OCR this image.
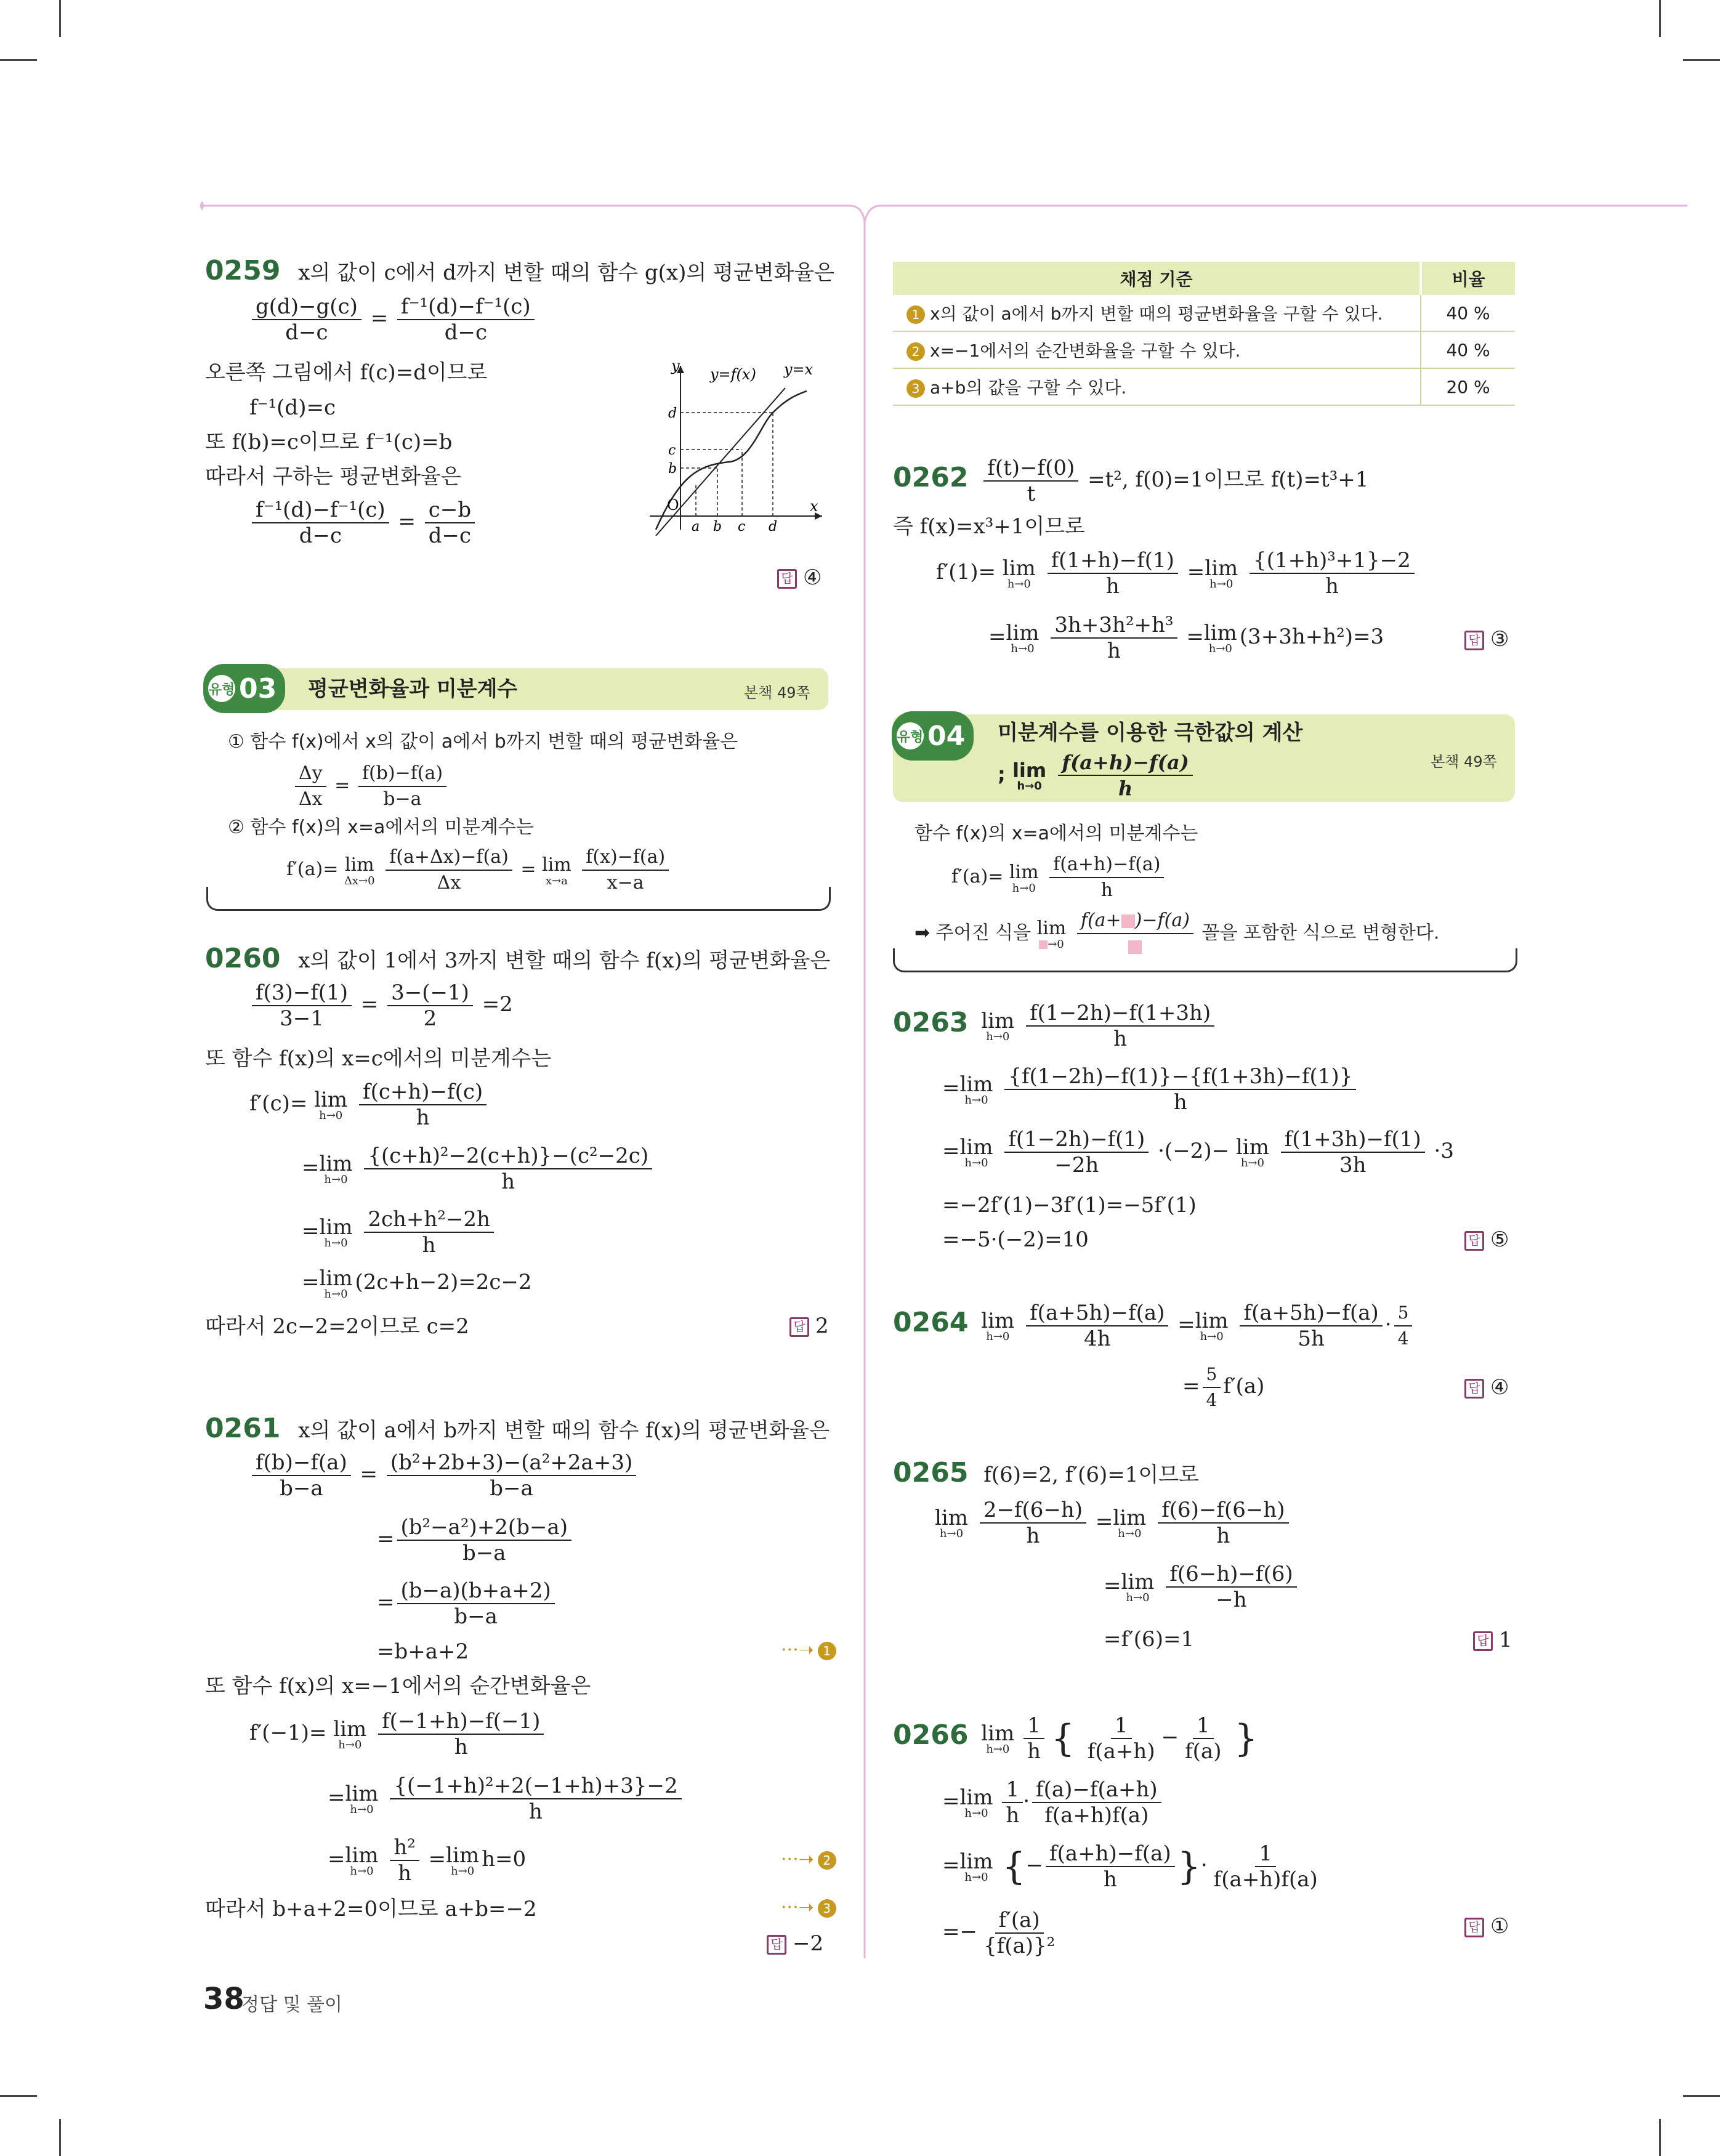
0259 x의 값이 c에서 d까지 변할 때의 함수 g(x)의 평균변화율은
$\frac{g(d)-g(c)}{d-c} = \frac{\text{f⁻¹(d)−f⁻¹(c)}}{d-c}$
오른쪽 그림에서 f(c)=d이므로
f⁻¹(d)=c
또 f(b)=c이므로 f⁻¹(c)=b
따라서 구하는 평균변화율은
$\frac{\text{f⁻¹(d)−f⁻¹(c)}}{d-c} = \frac{c-b}{d-c}$
답 ④
y
x
O
y=f(x) y=x
a b c d
d
c
b
유형 03	평균변화율과 미분계수	본책 49쪽
① 함수 f(x)에서 x의 값이 a에서 b까지 변할 때의 평균변화율은
$\frac{\Delta y}{\Delta x} = \frac{f(b)-f(a)}{b-a}$
② 함수 f(x)의 x=a에서의 미분계수는
f′(a)= lim
Δx→0
$\frac{f(a+\Delta x)-f(a)}{\Delta x} = \lim$
x→a
$\frac{f(x)-f(a)}{x-a}$
0260 x의 값이 1에서 3까지 변할 때의 함수 f(x)의 평균변화율은
$\frac{f(3)-f(1)}{3-1} = \frac{3-(-1)}{2} =2$
또 함수 f(x)의 x=c에서의 미분계수는
f′(c)= lim
h→0
$\frac{f(c+h)-f(c)}{h}$
= lim
h→0
$\frac{\text{\{(c+h)²−2(c+h)\}−(c²−2c)}}{h}$
= lim
h→0
$\frac{\text{2ch+h²−2h}}{h}$
= lim
h→0 (2c+h−2)=2c−2
따라서 2c−2=2이므로 c=2	답 2
0261 x의 값이 a에서 b까지 변할 때의 함수 f(x)의 평균변화율은
$\frac{f(b)-f(a)}{b-a} = \frac{\text{(b²+2b+3)−(a²+2a+3)}}{b-a}$
= $\frac{\text{(b²−a²)+2(b−a)}}{b-a}$
= $\frac{(b-a)(b+a+2)}{b-a}$
=b+a+2	···➝ 1
또 함수 f(x)의 x=−1에서의 순간변화율은
f′(−1)= lim
h→0
$\frac{f(-1+h)-f(-1)}{h}$
= lim
h→0
$\frac{\text{\{(−1+h)²+2(−1+h)+3\}−2}}{h}$
= lim
h→0
$\frac{\text{h²}}{h} = \lim$
h→0 h=0	···➝ 2
따라서 b+a+2=0이므로 a+b=−2	···➝ 3
답 −2
38
정답 및 풀이
채점 기준	비율
1 x의 값이 a에서 b까지 변할 때의 평균변화율을 구할 수 있다.	40 %
2 x=−1에서의 순간변화율을 구할 수 있다.	40 %
3 a+b의 값을 구할 수 있다.	20 %
$0262 \frac{f(t)-f(0)}{t} =t^2$, f(0)=1이므로 f(t)=t³+1
즉 f(x)=x³+1이므로
f′(1)= lim
h→0
$\frac{f(1+h)-f(1)}{h} = \lim$
h→0
$\frac{\text{\{(1+h)³+1\}−2}}{h}$
= lim
h→0
$\frac{\text{3h+3h²+h³}}{h} = \lim$
h→0 (3+3h+h²)=3	답 ③
유형 04	미분계수를 이용한 극한값의 계산
; lim
h→0
$\frac{f(a+h)-f(a)}{h}$	본책 49쪽
함수 f(x)의 x=a에서의 미분계수는
f′(a)= lim
h→0
$\frac{f(a+h)-f(a)}{h}$
➡ 주어진 식을 lim
→0

f(a+ )−f(a)
꼴을 포함한 식으로 변형한다.
0263 lim
h→0
$\frac{f(1-2h)-f(1+3h)}{h}$
= lim
h→0
$\frac{\{f(1-2h)-f(1)\}-\{f(1+3h)-f(1)\}}{h}$
= lim
h→0
$\frac{f(1-2h)-f(1)}{-2h} \cdot(-2)- \lim$
h→0
$\frac{f(1+3h)-f(1)}{3h} \cdot 3$
=−2f′(1)−3f′(1)=−5f′(1)
=−5·(−2)=10	답 ⑤
0264 lim
h→0
$\frac{f(a+5h)-f(a)}{4h} = \lim$
h→0
$\frac{f(a+5h)-f(a)}{5h} \cdot \frac{5}{4}$
= $\frac{5}{4} f'(a)$	답 ④
0265 f(6)=2, f′(6)=1이므로
lim
h→0
$\frac{2-f(6-h)}{h} = \lim$
h→0
$\frac{f(6)-f(6-h)}{h}$
= lim
h→0
$\frac{f(6-h)-f(6)}{-h}$
=f′(6)=1	답 1
0266 lim
h→0
$\frac{1}{h}$ { $\frac{1}{f(a+h)} - \frac{1}{f(a)}$ }
= lim
h→0
$\frac{1}{h} \cdot \frac{f(a)-f(a+h)}{f(a+h)f(a)}$
= lim
h→0 {− $\frac{f(a+h)-f(a)}{h}$ }· $\frac{1}{f(a+h)f(a)}$
=− $\frac{f'(a)}{\text{\{f(a)\}²}}$	답 ①
